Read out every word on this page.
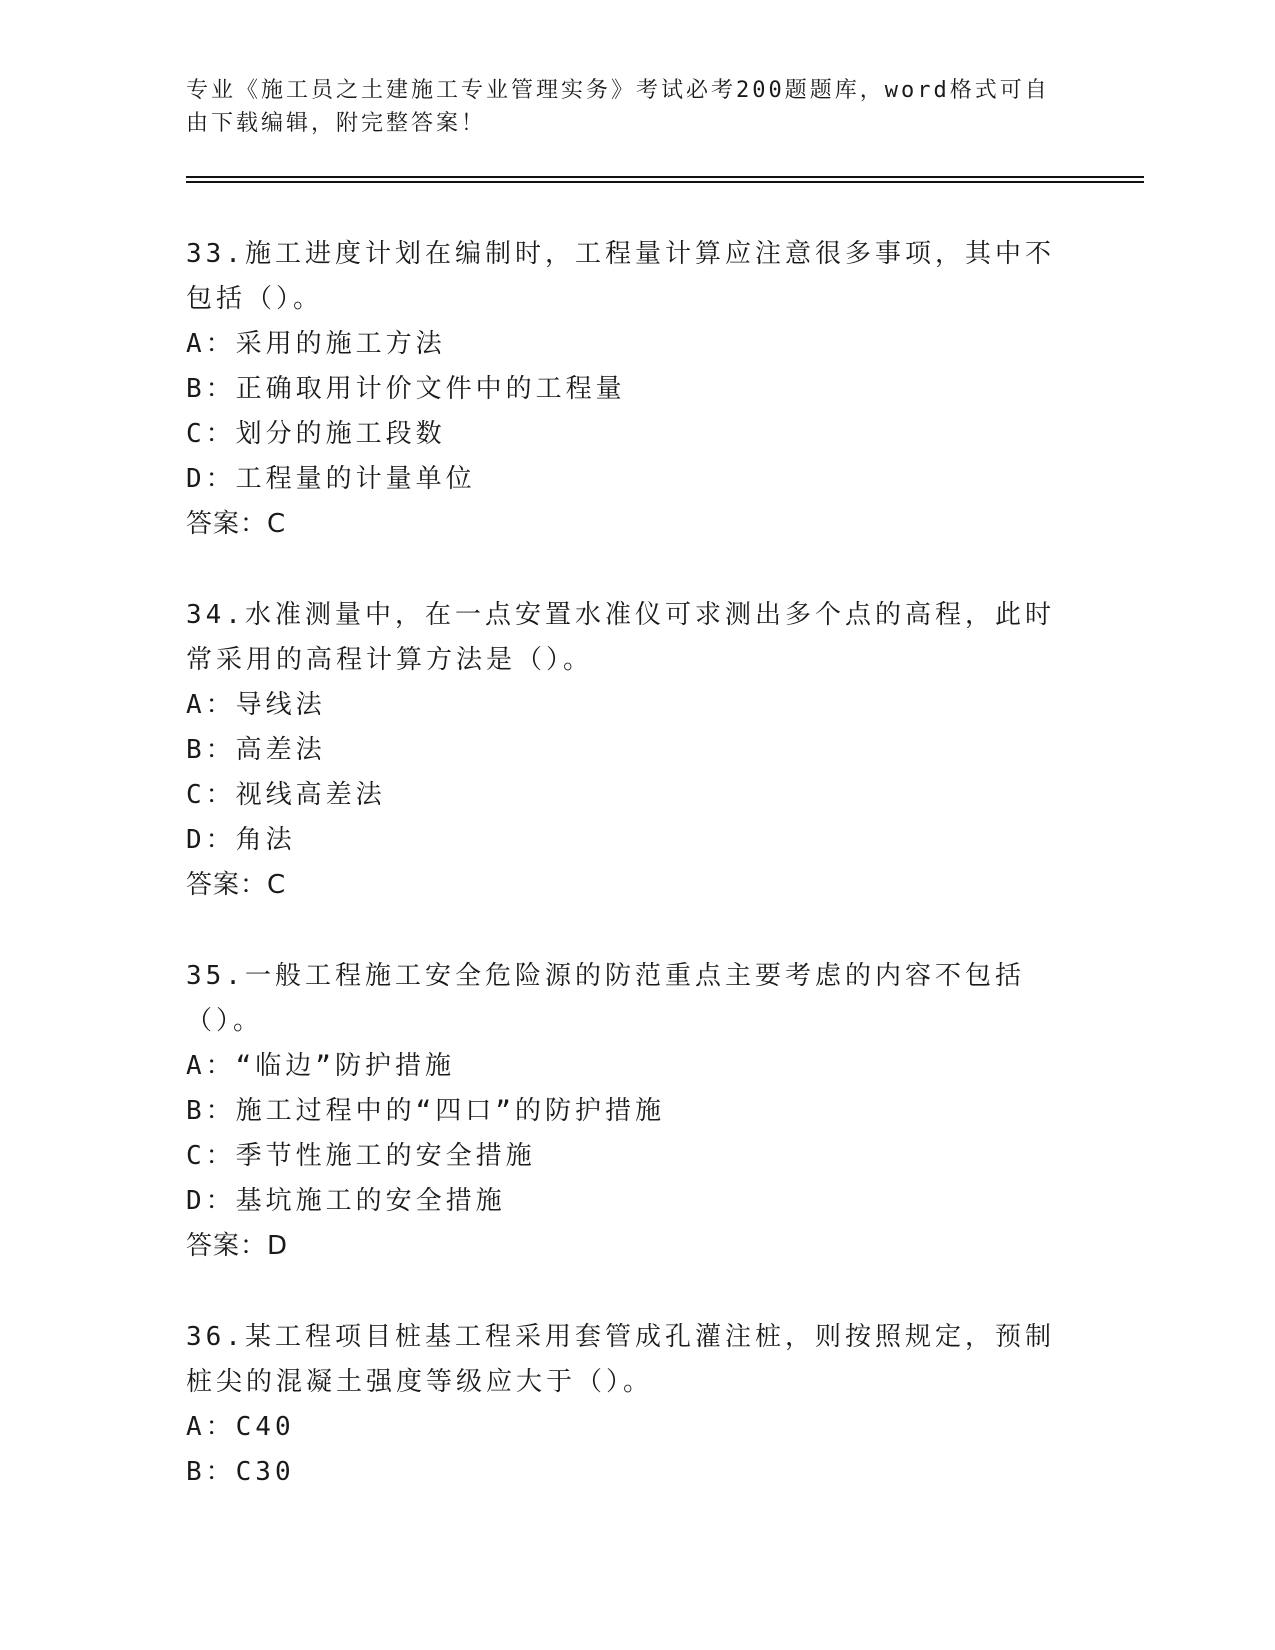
专业《施工员之土建施工专业管理实务》考试必考200题题库，word格式可自由下载编辑，附完整答案！
33.施工进度计划在编制时，工程量计算应注意很多事项，其中不包括（）。
A：采用的施工方法
B：正确取用计价文件中的工程量
C：划分的施工段数
D：工程量的计量单位
答案：C
34.水准测量中，在一点安置水准仪可求测出多个点的高程，此时常采用的高程计算方法是（）。
A：导线法
B：高差法
C：视线高差法
D：角法
答案：C
35.一般工程施工安全危险源的防范重点主要考虑的内容不包括（）。
A：“临边”防护措施
B：施工过程中的“四口”的防护措施
C：季节性施工的安全措施
D：基坑施工的安全措施
答案：D
36.某工程项目桩基工程采用套管成孔灌注桩，则按照规定，预制桩尖的混凝土强度等级应大于（）。
A：C40
B：C30
